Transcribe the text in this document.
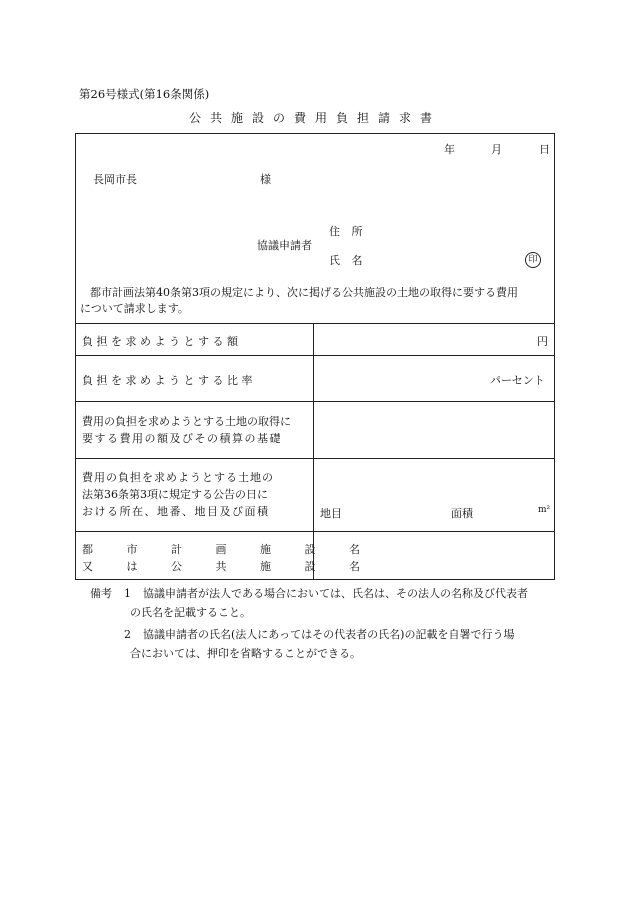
第26号様式(第16条関係)
公共施設の費用負担請求書
年	月	日
長岡市長	様
住 所
協議申請者
氏 名	印
都市計画法第40条第3項の規定により、次に掲げる公共施設の土地の取得に要する費用
について請求します。
負 担 を 求 め よ う と す る 額	円
負 担 を 求 め よ う と す る 比 率	パーセント
費用の負担を求めようとする土地の取得に
要する費用の額及びその積算の基礎
費用の負担を求めようとする土地の
法第36条第3項に規定する公告の日に
おける所在、地番、地目及び面積	地目	面積	m²
都 市 計 画 施 設 名
又 は 公 共 施 設 名
備考 1 協議申請者が法人である場合においては、氏名は、その法人の名称及び代表者
の氏名を記載すること。
2 協議申請者の氏名(法人にあってはその代表者の氏名)の記載を自署で行う場
合においては、押印を省略することができる。
